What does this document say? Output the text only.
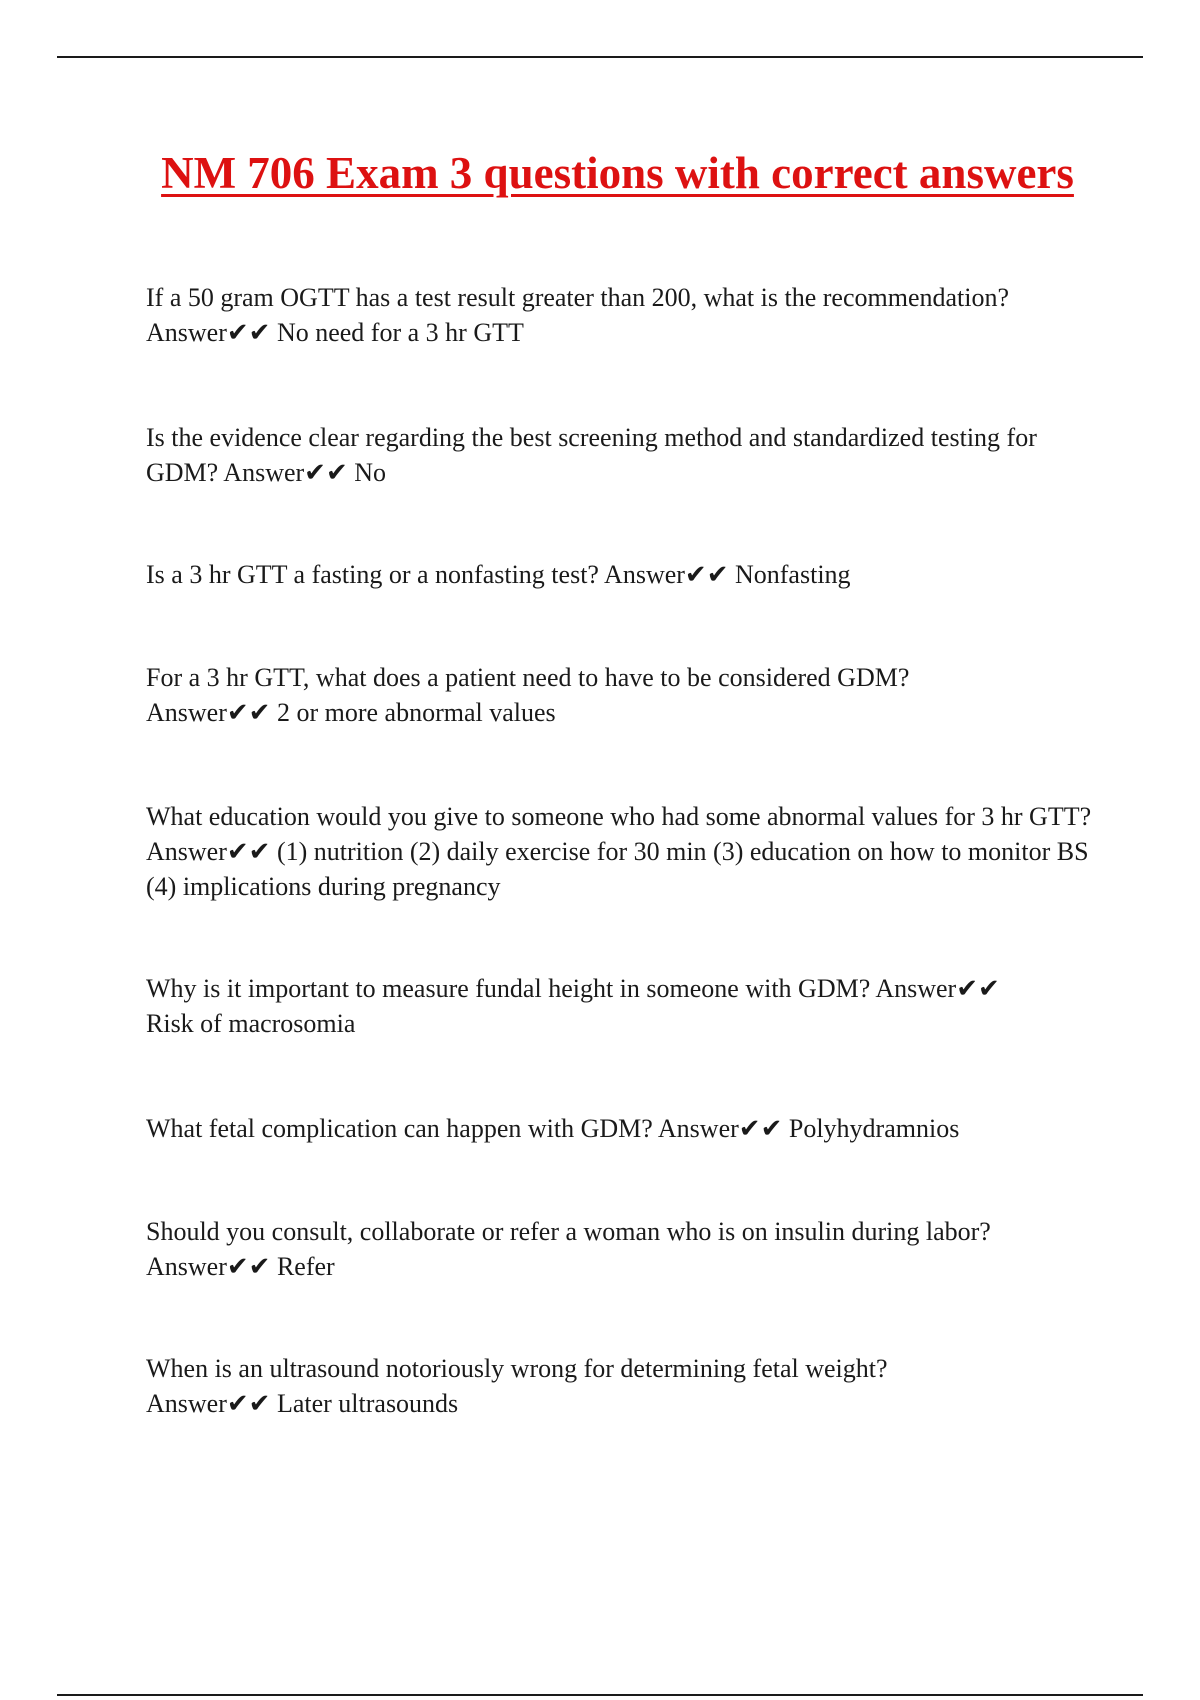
NM 706 Exam 3 questions with correct answers

If a 50 gram OGTT has a test result greater than 200, what is the recommendation?
Answer✔✔ No need for a 3 hr GTT

Is the evidence clear regarding the best screening method and standardized testing for GDM? Answer✔✔ No

Is a 3 hr GTT a fasting or a nonfasting test? Answer✔✔ Nonfasting

For a 3 hr GTT, what does a patient need to have to be considered GDM?
Answer✔✔ 2 or more abnormal values

What education would you give to someone who had some abnormal values for 3 hr GTT? Answer✔✔ (1) nutrition (2) daily exercise for 30 min (3) education on how to monitor BS (4) implications during pregnancy

Why is it important to measure fundal height in someone with GDM? Answer✔✔
Risk of macrosomia

What fetal complication can happen with GDM? Answer✔✔ Polyhydramnios

Should you consult, collaborate or refer a woman who is on insulin during labor?
Answer✔✔ Refer

When is an ultrasound notoriously wrong for determining fetal weight?
Answer✔✔ Later ultrasounds
